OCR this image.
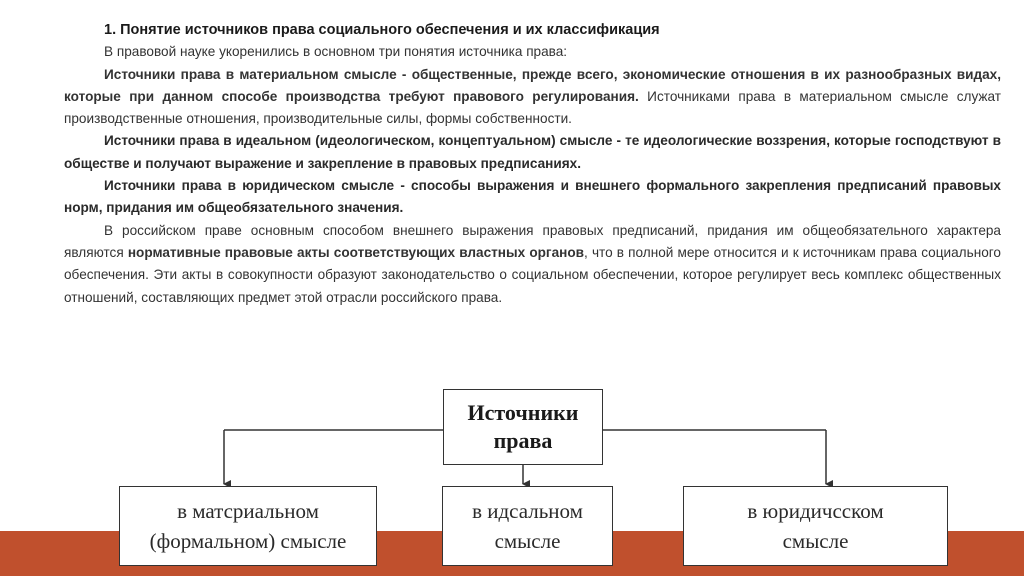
1. Понятие источников права социального обеспечения и их классификация

В правовой науке укоренились в основном три понятия источника права:

Источники права в материальном смысле - общественные, прежде всего, экономические отношения в их разнообразных видах, которые при данном способе производства требуют правового регулирования. Источниками права в материальном смысле служат производственные отношения, производительные силы, формы собственности.

Источники права в идеальном (идеологическом, концептуальном) смысле - те идеологические воззрения, которые господствуют в обществе и получают выражение и закрепление в правовых предписаниях.

Источники права в юридическом смысле - способы выражения и внешнего формального закрепления предписаний правовых норм, придания им общеобязательного значения.

В российском праве основным способом внешнего выражения правовых предписаний, придания им общеобязательного характера являются нормативные правовые акты соответствующих властных органов, что в полной мере относится и к источникам права социального обеспечения. Эти акты в совокупности образуют законодательство о социальном обеспечении, которое регулирует весь комплекс общественных отношений, составляющих предмет этой отрасли российского права.

Источники
права
в матсриальном
(формальном) смысле
в идсальном
смысле
в юридичсском
смысле
